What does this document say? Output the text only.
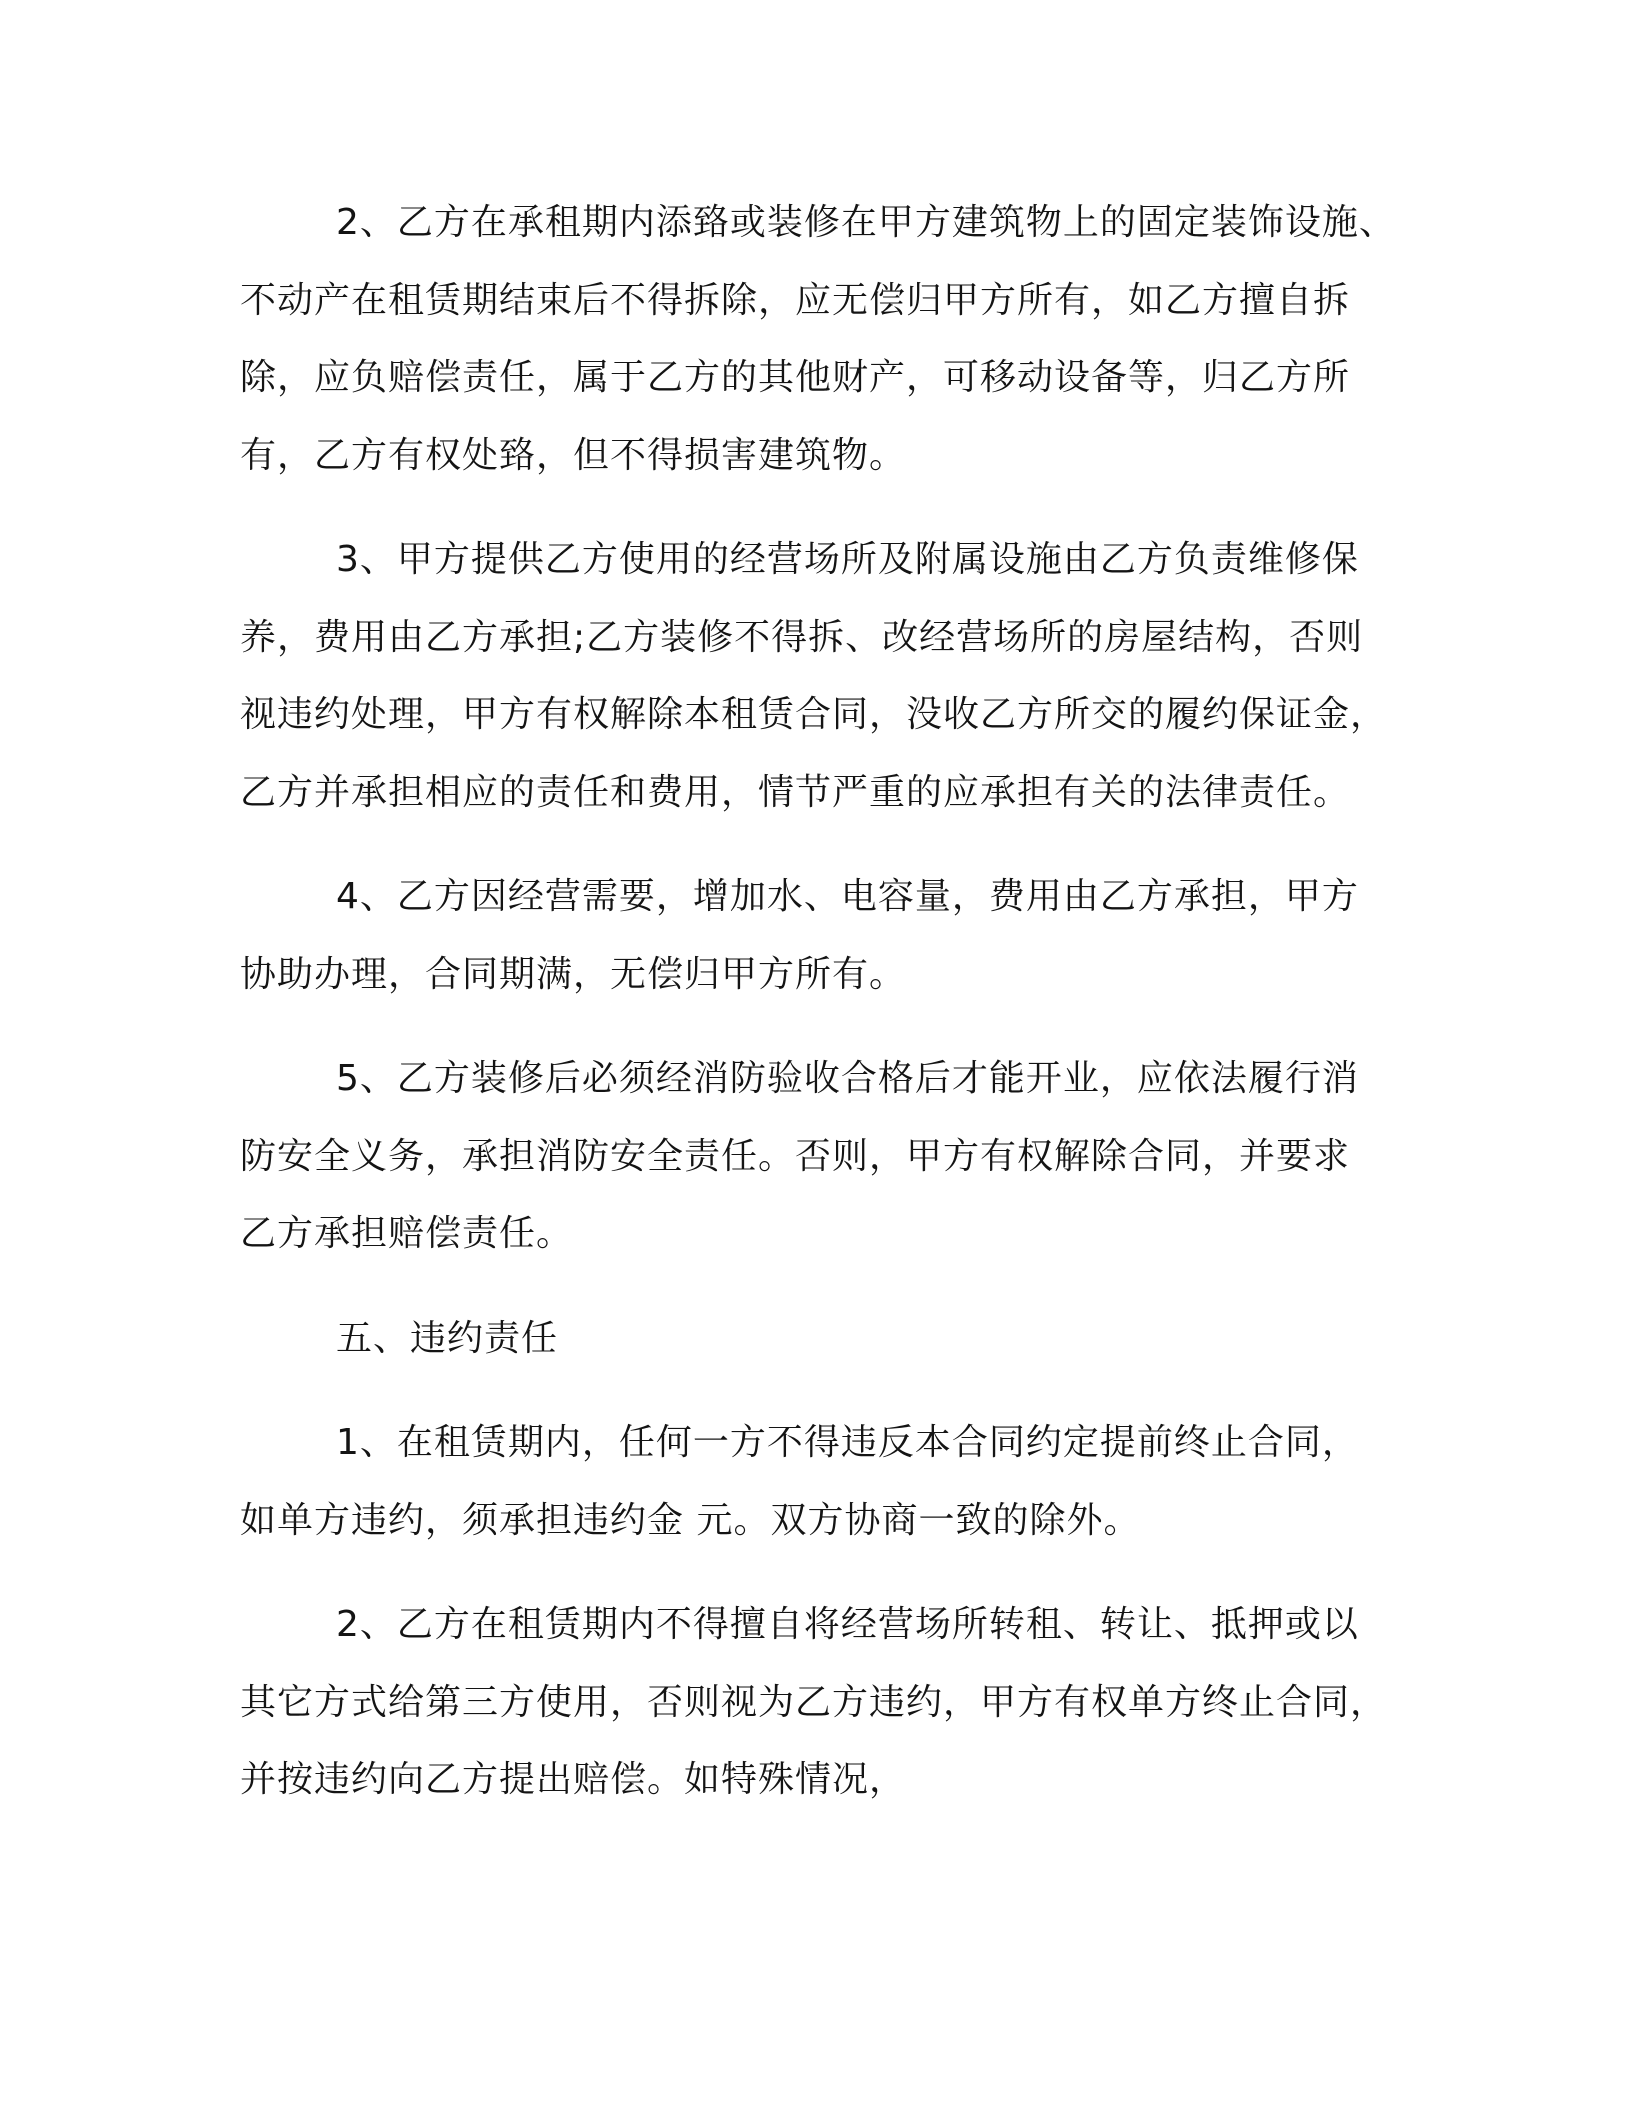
2、乙方在承租期内添臵或装修在甲方建筑物上的固定装饰设施、
不动产在租赁期结束后不得拆除，应无偿归甲方所有，如乙方擅自拆
除，应负赔偿责任，属于乙方的其他财产，可移动设备等，归乙方所
有，乙方有权处臵，但不得损害建筑物。

3、甲方提供乙方使用的经营场所及附属设施由乙方负责维修保
养，费用由乙方承担;乙方装修不得拆、改经营场所的房屋结构，否则
视违约处理，甲方有权解除本租赁合同，没收乙方所交的履约保证金，
乙方并承担相应的责任和费用，情节严重的应承担有关的法律责任。

4、乙方因经营需要，增加水、电容量，费用由乙方承担，甲方
协助办理，合同期满，无偿归甲方所有。

5、乙方装修后必须经消防验收合格后才能开业，应依法履行消
防安全义务，承担消防安全责任。否则，甲方有权解除合同，并要求
乙方承担赔偿责任。

五、违约责任

1、在租赁期内，任何一方不得违反本合同约定提前终止合同，
如单方违约，须承担违约金 元。双方协商一致的除外。

2、乙方在租赁期内不得擅自将经营场所转租、转让、抵押或以
其它方式给第三方使用，否则视为乙方违约，甲方有权单方终止合同，
并按违约向乙方提出赔偿。如特殊情况，
